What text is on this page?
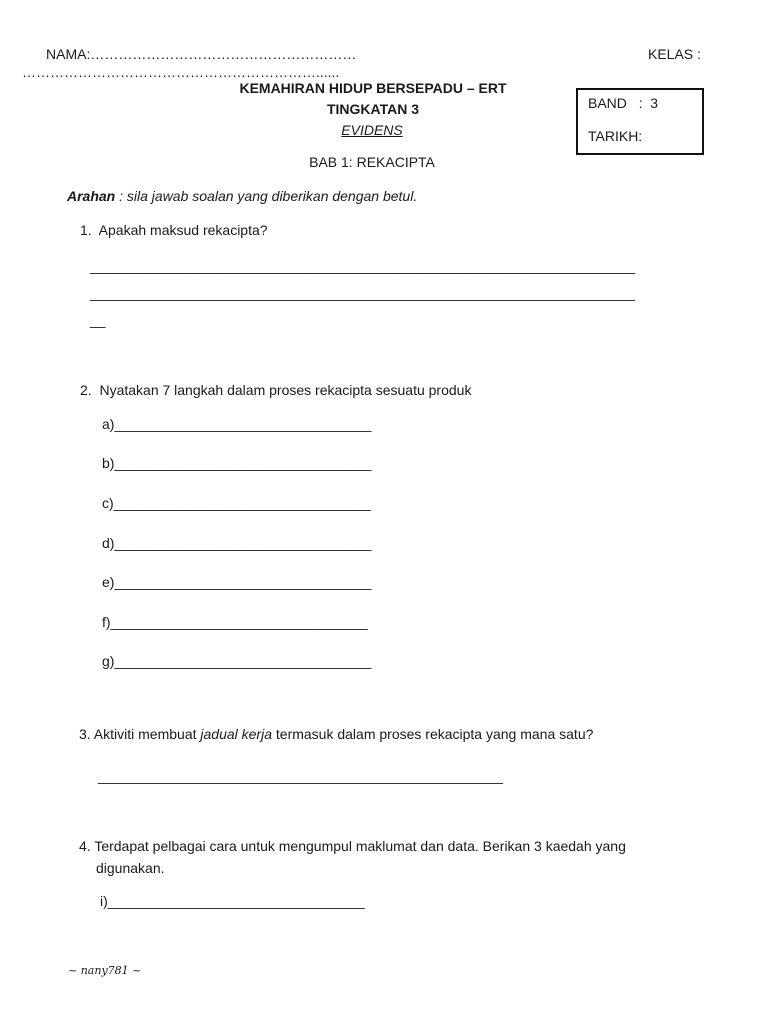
NAMA:…………………………………………………	KELAS :
………………………………………………………......
KEMAHIRAN HIDUP BERSEPADU – ERT
TINGKATAN 3
EVIDENS
BAB 1: REKACIPTA
BAND   :  3
TARIKH:
Arahan : sila jawab soalan yang diberikan dengan betul.
1.  Apakah maksud rekacipta?
______________________________________________________________________
______________________________________________________________________
__
2.  Nyatakan 7 langkah dalam proses rekacipta sesuatu produk
a)_________________________________
b)_________________________________
c)_________________________________
d)_________________________________
e)_________________________________
f)_________________________________
g)_________________________________
3. Aktiviti membuat jadual kerja termasuk dalam proses rekacipta yang mana satu?
____________________________________________________
4. Terdapat pelbagai cara untuk mengumpul maklumat dan data. Berikan 3 kaedah yang
digunakan.
i)_________________________________
~ nany781 ~
